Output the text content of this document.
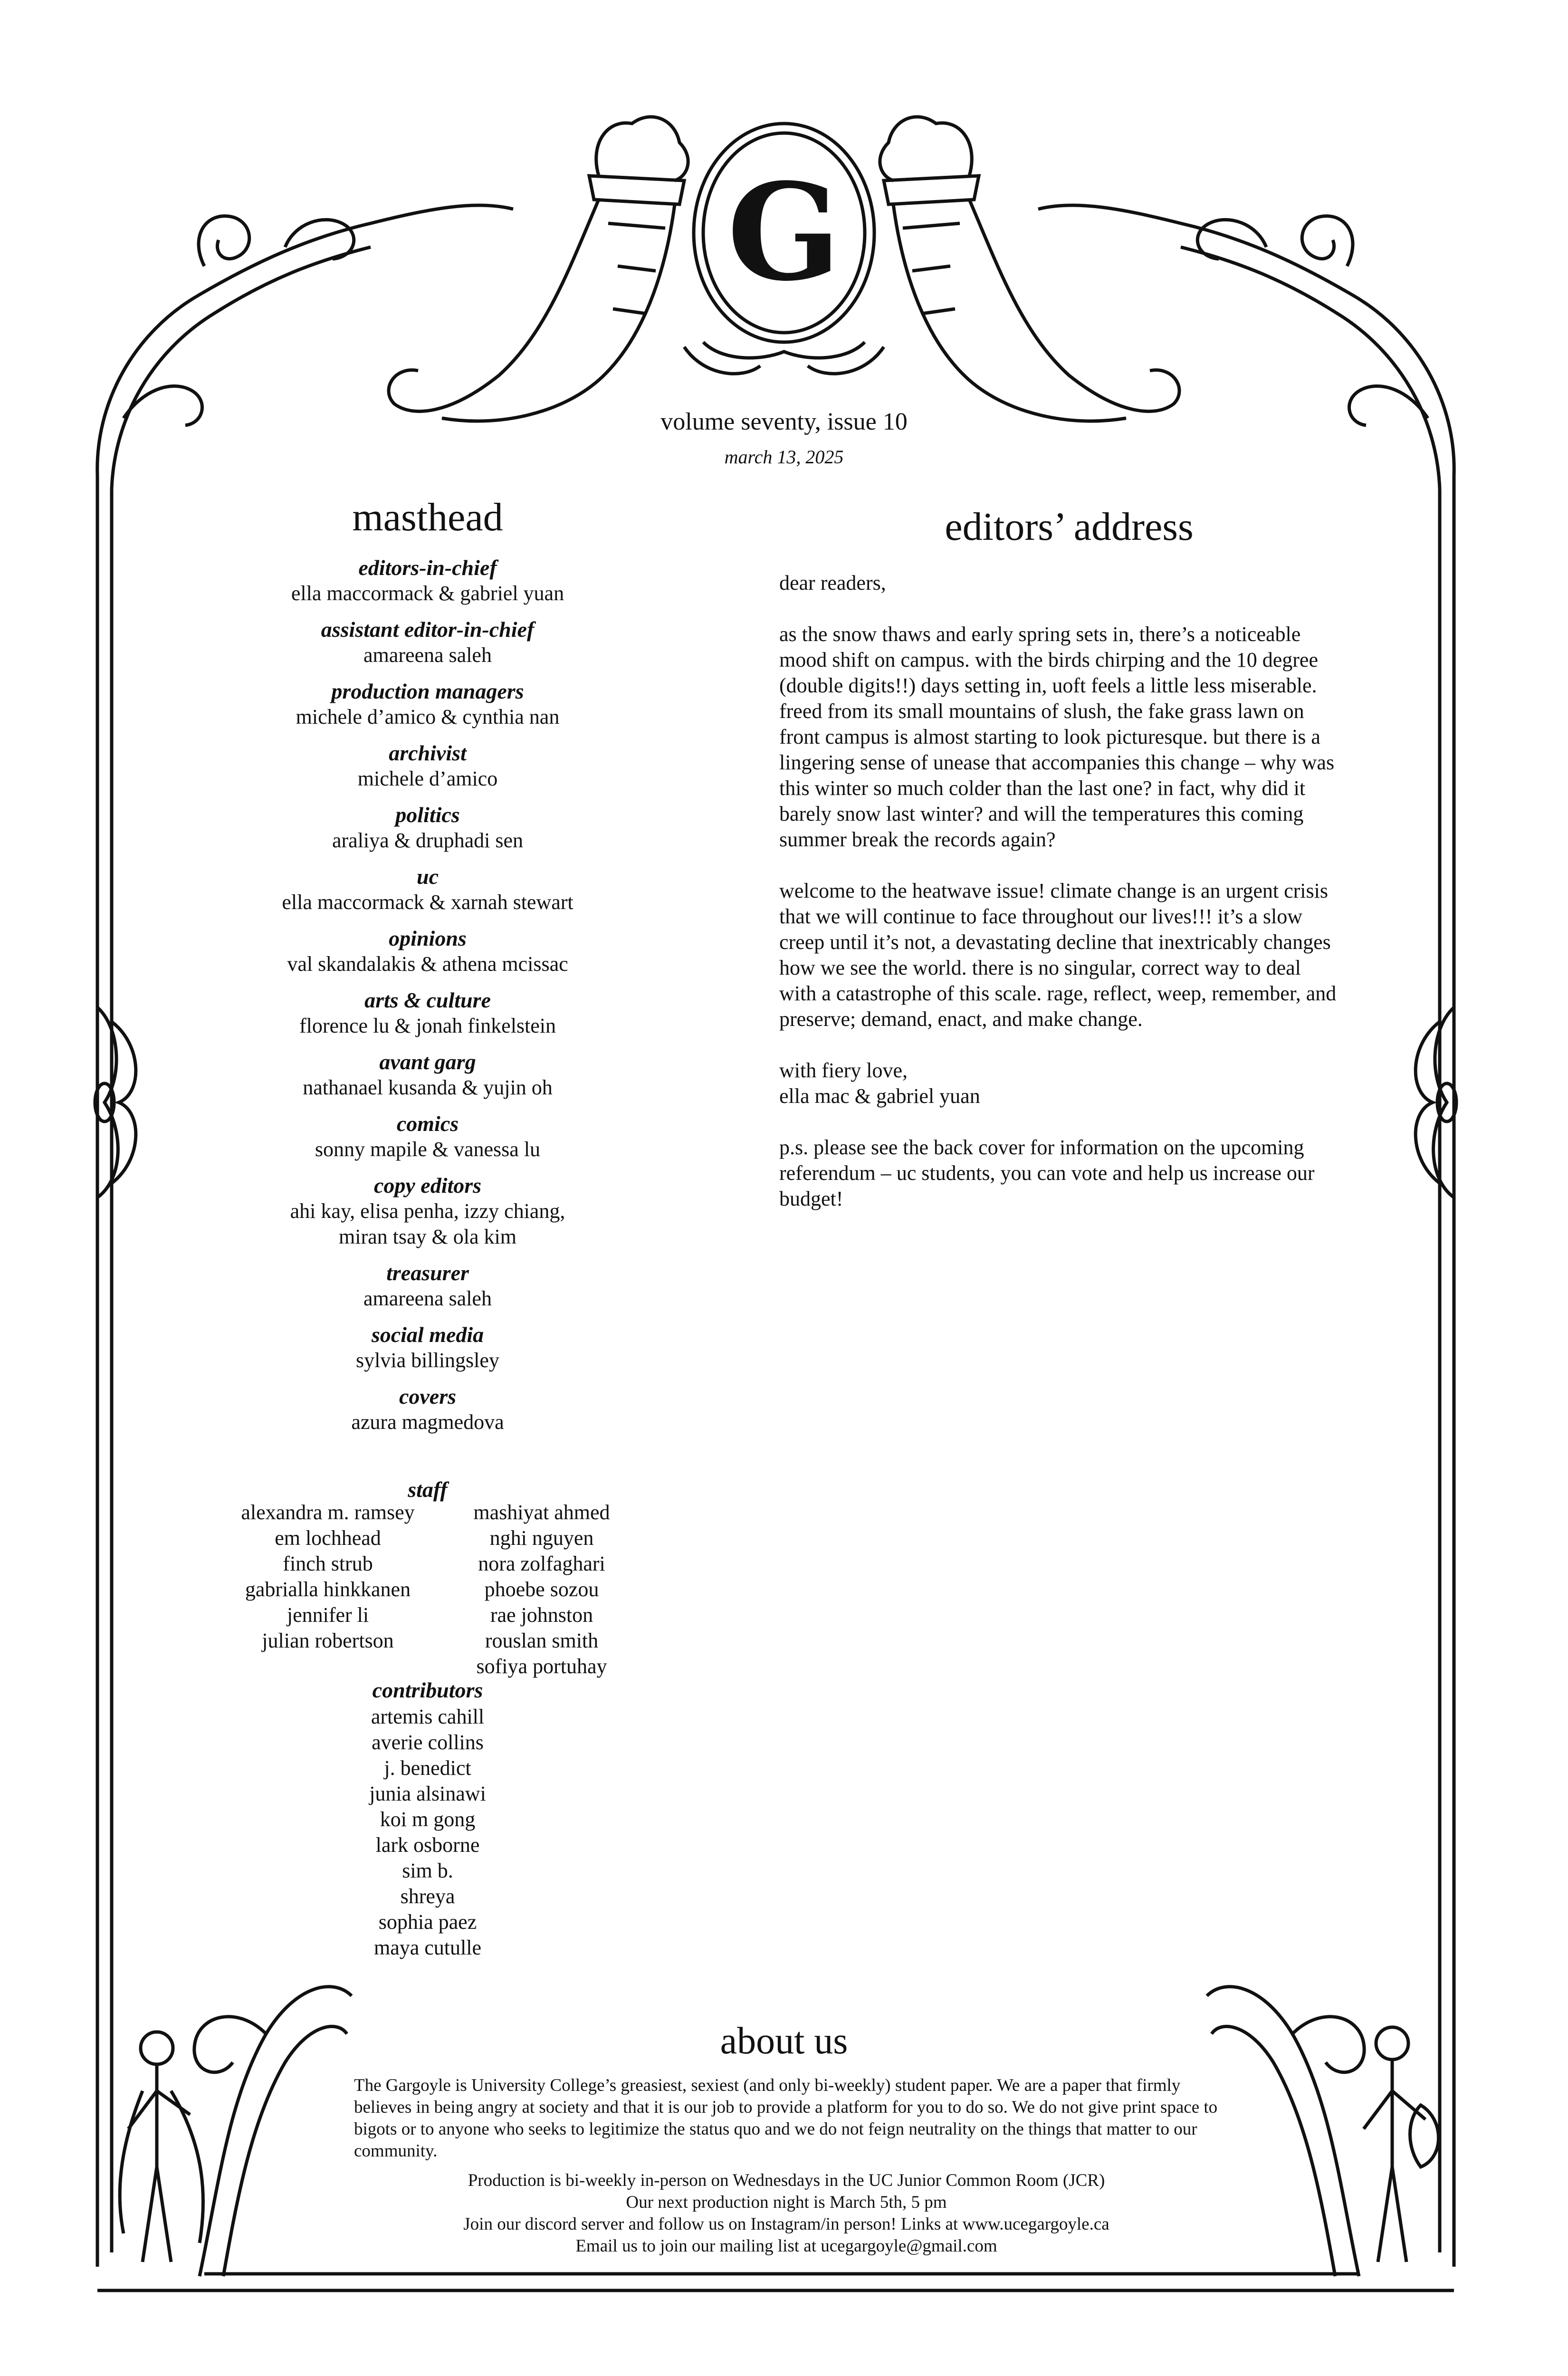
G
volume seventy, issue 10
march 13, 2025
masthead	editors’ address
editors-in-chief
ella maccormack & gabriel yuan
assistant editor-in-chief
amareena saleh
production managers
michele d’amico & cynthia nan
archivist
michele d’amico
politics
araliya & druphadi sen
uc
ella maccormack & xarnah stewart
opinions
val skandalakis & athena mcissac
arts & culture
florence lu & jonah finkelstein
avant garg
nathanael kusanda & yujin oh
comics
sonny mapile & vanessa lu
copy editors
ahi kay, elisa penha, izzy chiang,
miran tsay & ola kim
treasurer
amareena saleh
social media
sylvia billingsley
covers
azura magmedova
staff
alexandra m. ramsey
em lochhead
finch strub
gabrialla hinkkanen
jennifer li
julian robertson
mashiyat ahmed
nghi nguyen
nora zolfaghari
phoebe sozou
rae johnston
rouslan smith
sofiya portuhay
contributors
artemis cahill
averie collins
j. benedict
junia alsinawi
koi m gong
lark osborne
sim b.
shreya
sophia paez
maya cutulle

dear readers,

as the snow thaws and early spring sets in, there’s a noticeable mood shift on campus. with the birds chirping and the 10 degree (double digits!!) days setting in, uoft feels a little less miserable. freed from its small mountains of slush, the fake grass lawn on front campus is almost starting to look picturesque. but there is a lingering sense of unease that accompanies this change – why was this winter so much colder than the last one? in fact, why did it barely snow last winter? and will the temperatures this coming summer break the records again?

welcome to the heatwave issue! climate change is an urgent crisis that we will continue to face throughout our lives!!! it’s a slow creep until it’s not, a devastating decline that inextricably changes how we see the world. there is no singular, correct way to deal with a catastrophe of this scale. rage, reflect, weep, remember, and preserve; demand, enact, and make change.

with fiery love,
ella mac & gabriel yuan

p.s. please see the back cover for information on the upcoming referendum – uc students, you can vote and help us increase our budget!

about us
The Gargoyle is University College’s greasiest, sexiest (and only bi-weekly) student paper. We are a paper that firmly believes in being angry at society and that it is our job to provide a platform for you to do so. We do not give print space to bigots or to anyone who seeks to legitimize the status quo and we do not feign neutrality on the things that matter to our community.
Production is bi-weekly in-person on Wednesdays in the UC Junior Common Room (JCR)
Our next production night is March 5th, 5 pm
Join our discord server and follow us on Instagram/in person! Links at www.ucegargoyle.ca
Email us to join our mailing list at ucegargoyle@gmail.com
